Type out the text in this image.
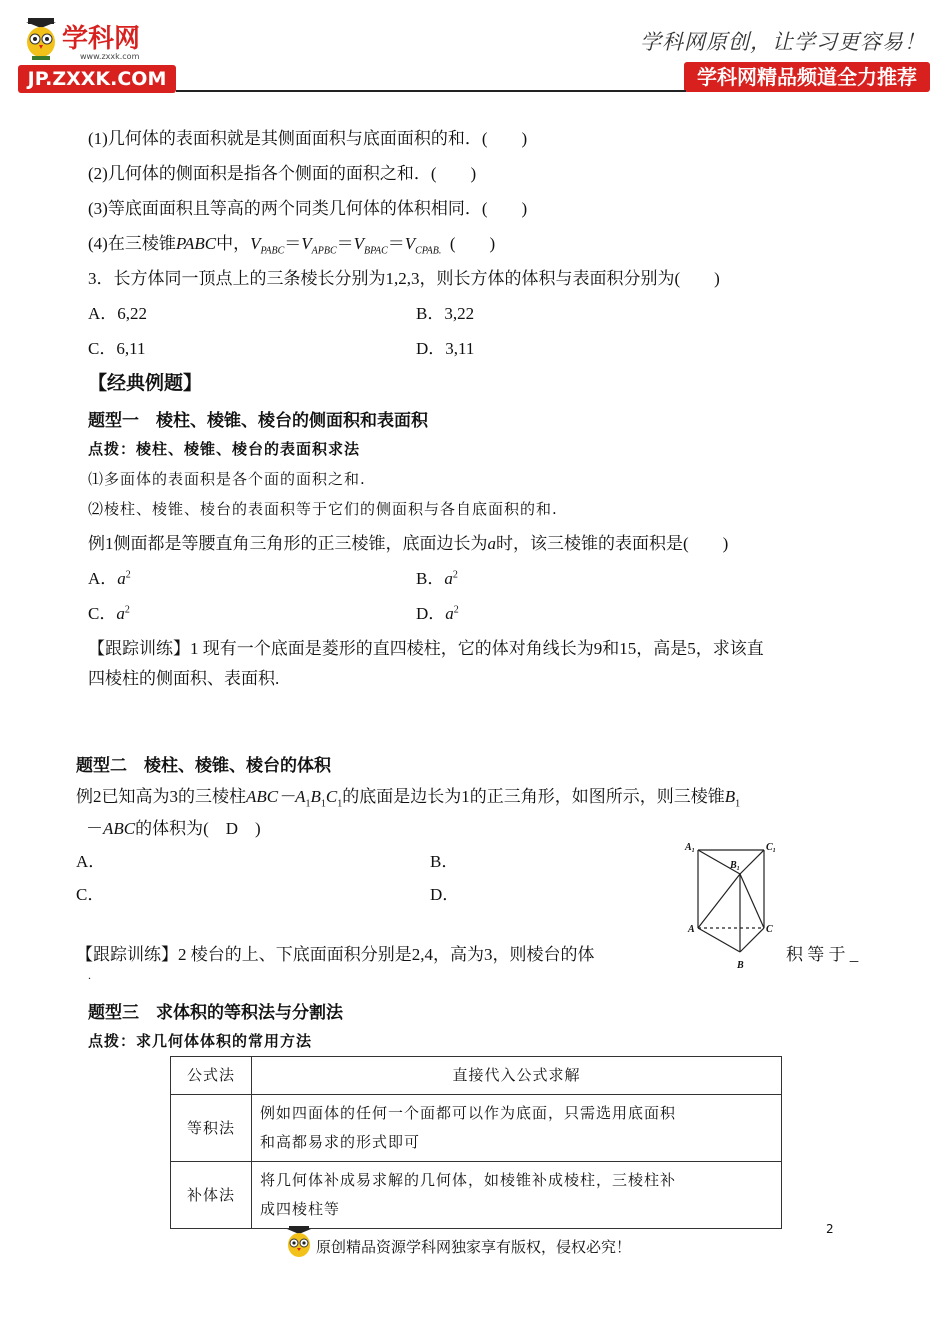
学科网
www.zxxk.com
JP.ZXXK.COM
学科网原创，让学习更容易！
学科网精品频道全力推荐
(1)几何体的表面积就是其侧面面积与底面面积的和．(　　)
(2)几何体的侧面积是指各个侧面的面积之和．(　　)
(3)等底面面积且等高的两个同类几何体的体积相同．(　　)
(4)在三棱锥PABC中，$V_{PABC}=V_{APBC}=V_{BPAC}=V_{CPAB.}$ (　　)
3．长方体同一顶点上的三条棱长分别为1,2,3，则长方体的体积与表面积分别为(　　)
A．6,22	B．3,22
C．6,11	D．3,11
【经典例题】
题型一　棱柱、棱锥、棱台的侧面积和表面积
点拨：棱柱、棱锥、棱台的表面积求法
⑴多面体的表面积是各个面的面积之和.
⑵棱柱、棱锥、棱台的表面积等于它们的侧面积与各自底面积的和.
例1侧面都是等腰直角三角形的正三棱锥，底面边长为a时，该三棱锥的表面积是(　　)
A．$a^2$	B．$a^2$
C．$a^2$	D．$a^2$
【跟踪训练】1 现有一个底面是菱形的直四棱柱，它的体对角线长为9和15，高是5，求该直
四棱柱的侧面积、表面积.
题型二　棱柱、棱锥、棱台的体积
例2已知高为3的三棱柱$ABC-A_1B_1C_1$的底面是边长为1的正三角形，如图所示，则三棱锥$B_1$
－ABC的体积为(　D　)
A．	B．
C．	D．
$A_1$
$B_1$
$C_1$
A	C
B
【跟踪训练】2 棱台的上、下底面面积分别是2,4，高为3，则棱台的体	积 等 于 _
.
题型三　求体积的等积法与分割法
点拨：求几何体体积的常用方法
公式法	直接代入公式求解
等积法	例如四面体的任何一个面都可以作为底面，只需选用底面积
和高都易求的形式即可

补体法	将几何体补成易求解的几何体，如棱锥补成棱柱，三棱柱补
成四棱柱等
2
原创精品资源学科网独家享有版权，侵权必究！
